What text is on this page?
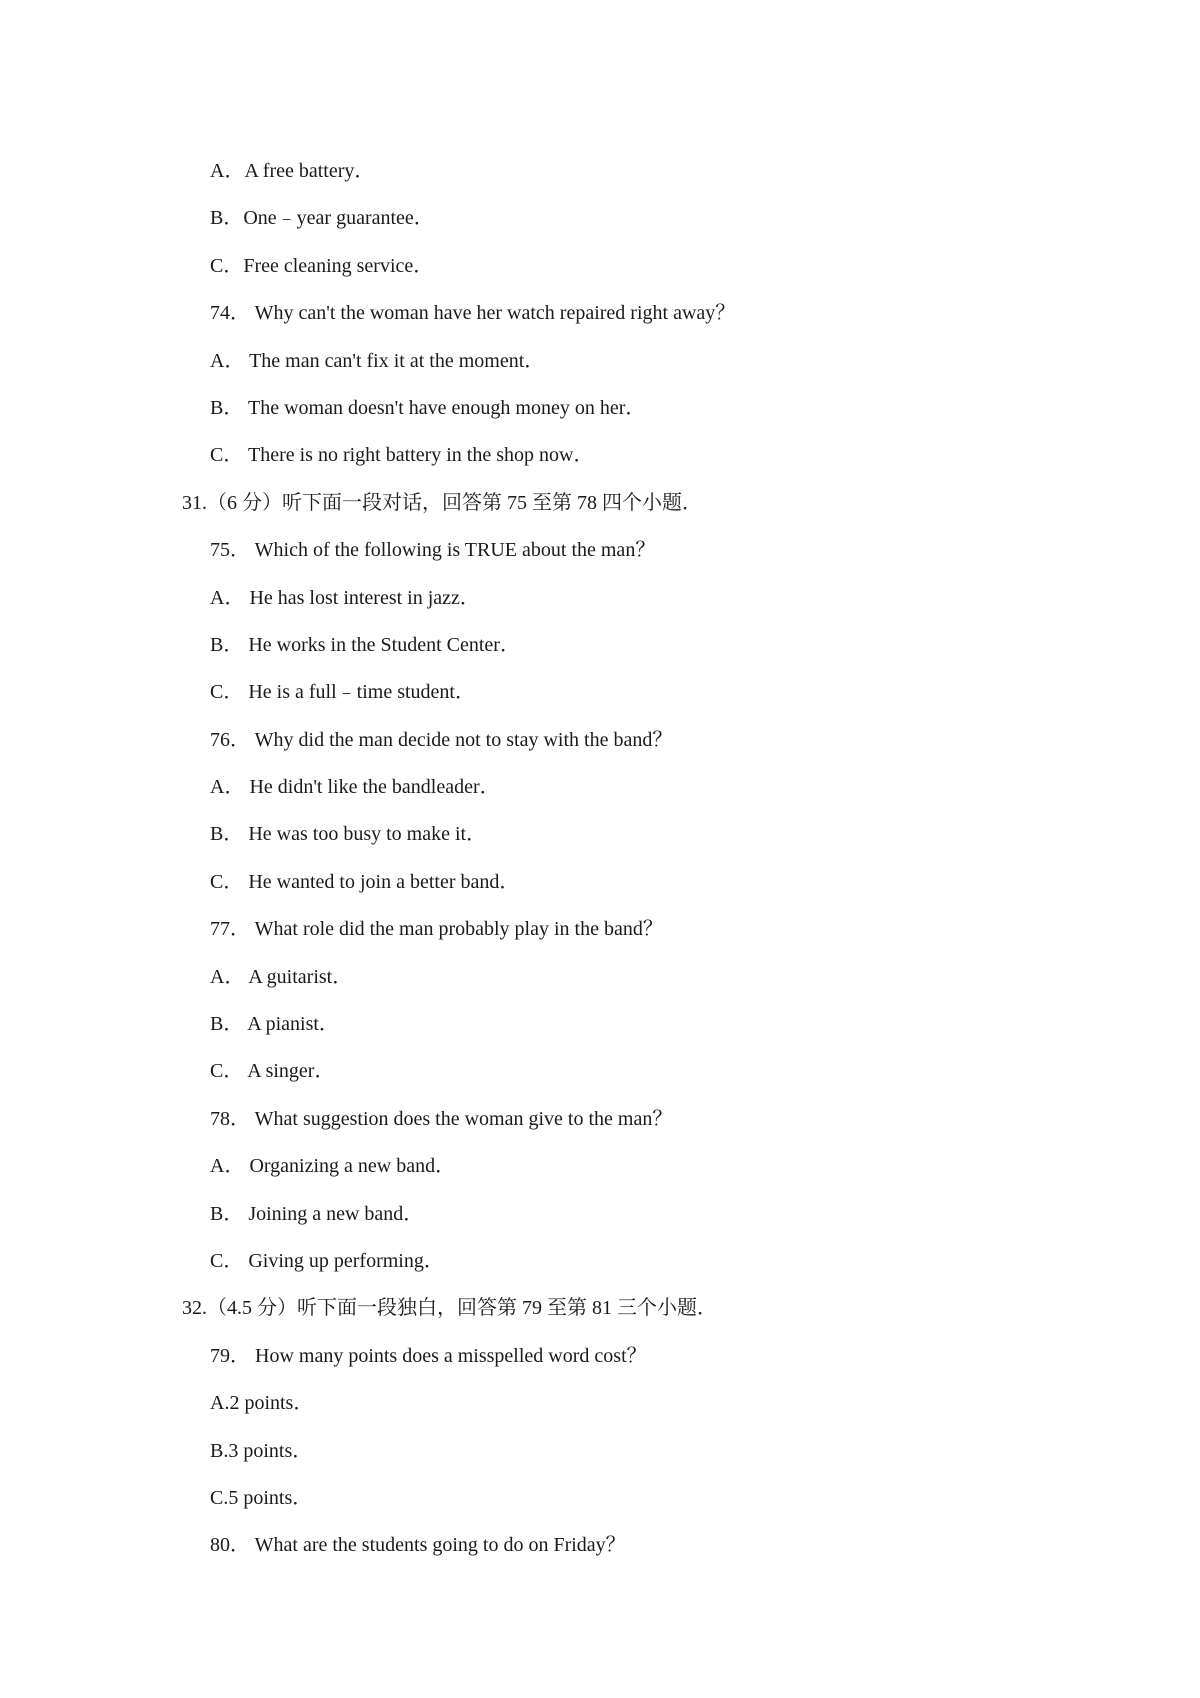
A．A free battery．
B．One﹣year guarantee．
C．Free cleaning service．
74． Why can't the woman have her watch repaired right away？
A． The man can't fix it at the moment．
B． The woman doesn't have enough money on her．
C． There is no right battery in the shop now．
31.（6 分）听下面一段对话，回答第 75 至第 78 四个小题．
75． Which of the following is TRUE about the man？
A． He has lost interest in jazz．
B． He works in the Student Center．
C． He is a full﹣time student．
76． Why did the man decide not to stay with the band？
A． He didn't like the bandleader．
B． He was too busy to make it．
C． He wanted to join a better band．
77． What role did the man probably play in the band？
A． A guitarist．
B． A pianist．
C． A singer．
78． What suggestion does the woman give to the man？
A． Organizing a new band．
B． Joining a new band．
C． Giving up performing．
32.（4.5 分）听下面一段独白，回答第 79 至第 81 三个小题．
79． How many points does a misspelled word cost？
A.2 points．
B.3 points．
C.5 points．
80． What are the students going to do on Friday？
